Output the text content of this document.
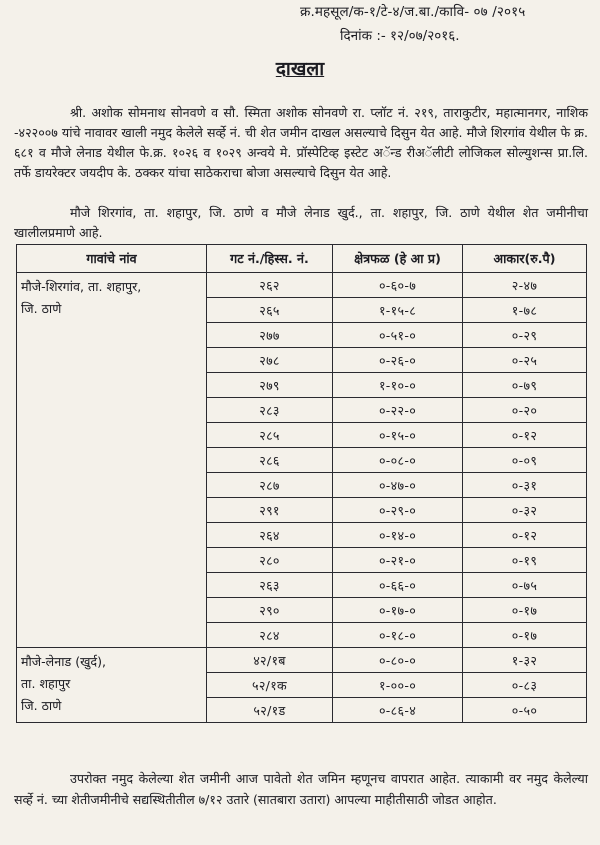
क्र.महसूल/क-१/टे-४/ज.बा./कावि- ०७ /२०१५
दिनांक :- १२/०७/२०१६.
दाखला
श्री. अशोक सोमनाथ सोनवणे व सौ. स्मिता अशोक सोनवणे रा. प्लॉट नं. २१९, ताराकुटीर, महात्मानगर, नाशिक -४२२००७ यांचे नावावर खाली नमुद केलेले सर्व्हे नं. ची शेत जमीन दाखल असल्याचे दिसुन येत आहे. मौजे शिरगांव येथील फे क्र. ६८१ व मौजे लेनाड येथील फे.क्र. १०२६ व १०२९ अन्वये मे. प्रॉस्पेटिव्ह इस्टेट अॅन्ड रीअॅलीटी लोजिकल सोल्युशन्स प्रा.लि. तर्फे डायरेक्टर जयदीप के. ठक्कर यांचा साठेकराचा बोजा असल्याचे दिसुन येत आहे.
मौजे शिरगांव, ता. शहापुर, जि. ठाणे व मौजे लेनाड खुर्द., ता. शहापुर, जि. ठाणे येथील शेत जमीनीचा खालीलप्रमाणे आहे.
गावांचे नांव	गट नं./हिस्स. नं.	क्षेत्रफळ (हे आ प्र)	आकार(रु.पै)

मौजे-शिरगांव, ता. शहापुर,
जि. ठाणे	२६२	०-६०-७	२-४७
	२६५	१-१५-८	१-७८
	२७७	०-५१-०	०-२९
	२७८	०-२६-०	०-२५
	२७९	१-१०-०	०-७९
	२८३	०-२२-०	०-२०
	२८५	०-१५-०	०-१२
	२८६	०-०८-०	०-०९
	२८७	०-४७-०	०-३१
	२९१	०-२९-०	०-३२
	२६४	०-१४-०	०-१२
	२८०	०-२१-०	०-१९
	२६३	०-६६-०	०-७५
	२९०	०-१७-०	०-१७
	२८४	०-१८-०	०-१७

मौजे-लेनाड (खुर्द),
ता. शहापुर
जि. ठाणे	४२/१ब	०-८०-०	१-३२
	५२/१क	१-००-०	०-८३
	५२/१ड	०-८६-४	०-५०
उपरोक्त नमुद केलेल्या शेत जमीनी आज पावेतो शेत जमिन म्हणूनच वापरात आहेत. त्याकामी वर नमुद केलेल्या सर्व्हे नं. च्या शेतीजमीनीचे सद्यस्थितीतील ७/१२ उतारे (सातबारा उतारा) आपल्या माहीतीसाठी जोडत आहोत.
